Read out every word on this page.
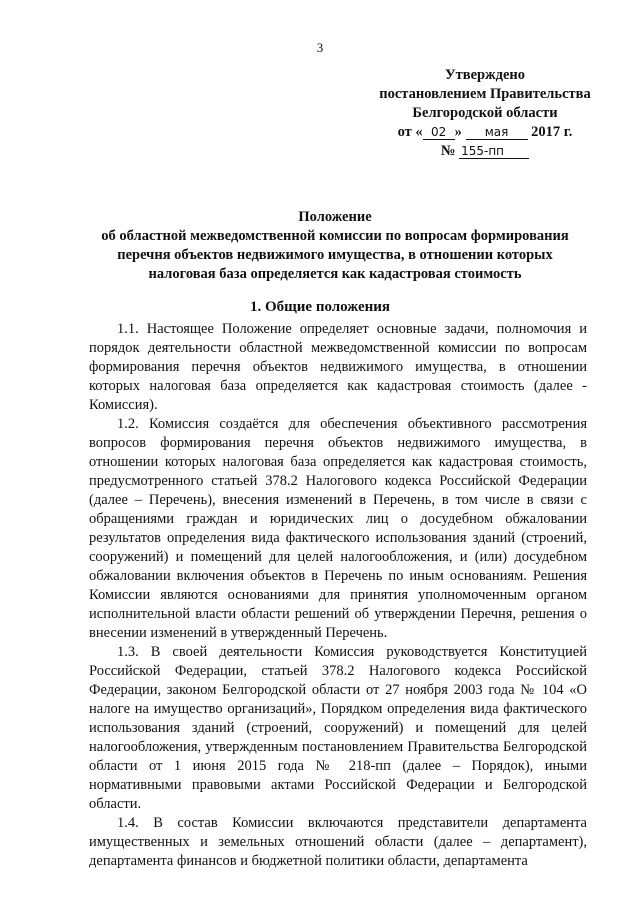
3
Утверждено
постановлением Правительства
Белгородской области
от « 02 » мая 2017 г.
№ 155-пп
Положение
об областной межведомственной комиссии по вопросам формирования
перечня объектов недвижимого имущества, в отношении которых
налоговая база определяется как кадастровая стоимость
1. Общие положения

1.1. Настоящее Положение определяет основные задачи, полномочия и порядок деятельности областной межведомственной комиссии по вопросам формирования перечня объектов недвижимого имущества, в отношении которых налоговая база определяется как кадастровая стоимость (далее - Комиссия).

1.2. Комиссия создаётся для обеспечения объективного рассмотрения вопросов формирования перечня объектов недвижимого имущества, в отношении которых налоговая база определяется как кадастровая стоимость, предусмотренного статьей 378.2 Налогового кодекса Российской Федерации (далее – Перечень), внесения изменений в Перечень, в том числе в связи с обращениями граждан и юридических лиц о досудебном обжаловании результатов определения вида фактического использования зданий (строений, сооружений) и помещений для целей налогообложения, и (или) досудебном обжаловании включения объектов в Перечень по иным основаниям. Решения Комиссии являются основаниями для принятия уполномоченным органом исполнительной власти области решений об утверждении Перечня, решения о внесении изменений в утвержденный Перечень.

1.3. В своей деятельности Комиссия руководствуется Конституцией Российской Федерации, статьей 378.2 Налогового кодекса Российской Федерации, законом Белгородской области от 27 ноября 2003 года № 104 «О налоге на имущество организаций», Порядком определения вида фактического использования зданий (строений, сооружений) и помещений для целей налогообложения, утвержденным постановлением Правительства Белгородской области от 1 июня 2015 года № 218-пп (далее – Порядок), иными нормативными правовыми актами Российской Федерации и Белгородской области.

1.4. В состав Комиссии включаются представители департамента имущественных и земельных отношений области (далее – департамент), департамента финансов и бюджетной политики области, департамента
